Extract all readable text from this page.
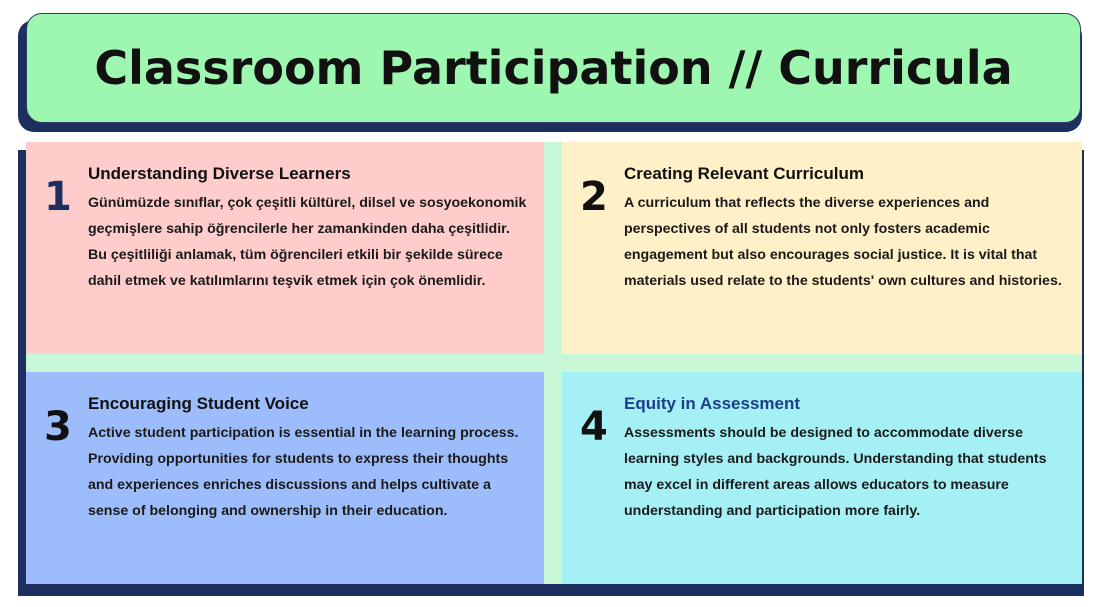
Classroom Participation // Curricula
1
Understanding Diverse Learners
Günümüzde sınıflar, çok çeşitli kültürel, dilsel ve sosyoekonomik geçmişlere sahip öğrencilerle her zamankinden daha çeşitlidir. Bu çeşitliliği anlamak, tüm öğrencileri etkili bir şekilde sürece dahil etmek ve katılımlarını teşvik etmek için çok önemlidir.
2
Creating Relevant Curriculum
A curriculum that reflects the diverse experiences and perspectives of all students not only fosters academic engagement but also encourages social justice. It is vital that materials used relate to the students' own cultures and histories.
3
Encouraging Student Voice
Active student participation is essential in the learning process. Providing opportunities for students to express their thoughts and experiences enriches discussions and helps cultivate a sense of belonging and ownership in their education.
4
Equity in Assessment
Assessments should be designed to accommodate diverse learning styles and backgrounds. Understanding that students may excel in different areas allows educators to measure understanding and participation more fairly.
